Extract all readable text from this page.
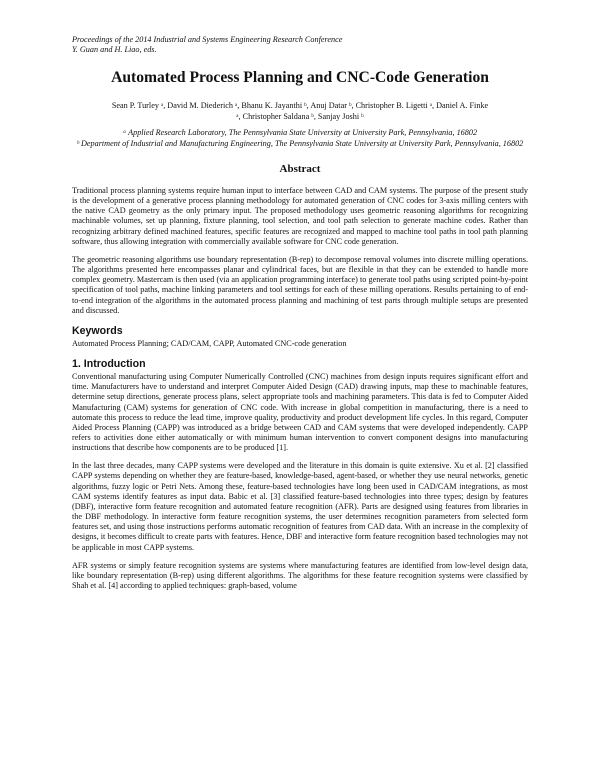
Proceedings of the 2014 Industrial and Systems Engineering Research Conference
Y. Guan and H. Liao, eds.
Automated Process Planning and CNC-Code Generation
Sean P. Turley ᵃ, David M. Diederich ᵃ, Bhanu K. Jayanthi ᵇ, Anuj Datar ᵇ, Christopher B. Ligetti ᵃ, Daniel A. Finke
ᵃ, Christopher Saldana ᵇ, Sanjay Joshi ᵇ
ᵃ Applied Research Laboratory, The Pennsylvania State University at University Park, Pennsylvania, 16802
ᵇ Department of Industrial and Manufacturing Engineering, The Pennsylvania State University at University Park, Pennsylvania, 16802
Abstract

Traditional process planning systems require human input to interface between CAD and CAM systems. The purpose of the present study is the development of a generative process planning methodology for automated generation of CNC codes for 3-axis milling centers with the native CAD geometry as the only primary input. The proposed methodology uses geometric reasoning algorithms for recognizing machinable volumes, set up planning, fixture planning, tool selection, and tool path selection to generate machine codes. Rather than recognizing arbitrary defined machined features, specific features are recognized and mapped to machine tool paths in tool path planning software, thus allowing integration with commercially available software for CNC code generation.

The geometric reasoning algorithms use boundary representation (B-rep) to decompose removal volumes into discrete milling operations. The algorithms presented here encompasses planar and cylindrical faces, but are flexible in that they can be extended to handle more complex geometry. Mastercam is then used (via an application programming interface) to generate tool paths using scripted point-by-point specification of tool paths, machine linking parameters and tool settings for each of these milling operations. Results pertaining to of end-to-end integration of the algorithms in the automated process planning and machining of test parts through multiple setups are presented and discussed.

Keywords

Automated Process Planning; CAD/CAM, CAPP, Automated CNC-code generation

1. Introduction

Conventional manufacturing using Computer Numerically Controlled (CNC) machines from design inputs requires significant effort and time. Manufacturers have to understand and interpret Computer Aided Design (CAD) drawing inputs, map these to machinable features, determine setup directions, generate process plans, select appropriate tools and machining parameters. This data is fed to Computer Aided Manufacturing (CAM) systems for generation of CNC code. With increase in global competition in manufacturing, there is a need to automate this process to reduce the lead time, improve quality, productivity and product development life cycles. In this regard, Computer Aided Process Planning (CAPP) was introduced as a bridge between CAD and CAM systems that were developed independently. CAPP refers to activities done either automatically or with minimum human intervention to convert component designs into manufacturing instructions that describe how components are to be produced [1].

In the last three decades, many CAPP systems were developed and the literature in this domain is quite extensive. Xu et al. [2] classified CAPP systems depending on whether they are feature-based, knowledge-based, agent-based, or whether they use neural networks, genetic algorithms, fuzzy logic or Petri Nets. Among these, feature-based technologies have long been used in CAD/CAM integrations, as most CAM systems identify features as input data. Babic et al. [3] classified feature-based technologies into three types; design by features (DBF), interactive form feature recognition and automated feature recognition (AFR). Parts are designed using features from libraries in the DBF methodology. In interactive form feature recognition systems, the user determines recognition parameters from selected form features set, and using those instructions performs automatic recognition of features from CAD data. With an increase in the complexity of designs, it becomes difficult to create parts with features. Hence, DBF and interactive form feature recognition based technologies may not be applicable in most CAPP systems.

AFR systems or simply feature recognition systems are systems where manufacturing features are identified from low-level design data, like boundary representation (B-rep) using different algorithms. The algorithms for these feature recognition systems were classified by Shah et al. [4] according to applied techniques: graph-based, volume
